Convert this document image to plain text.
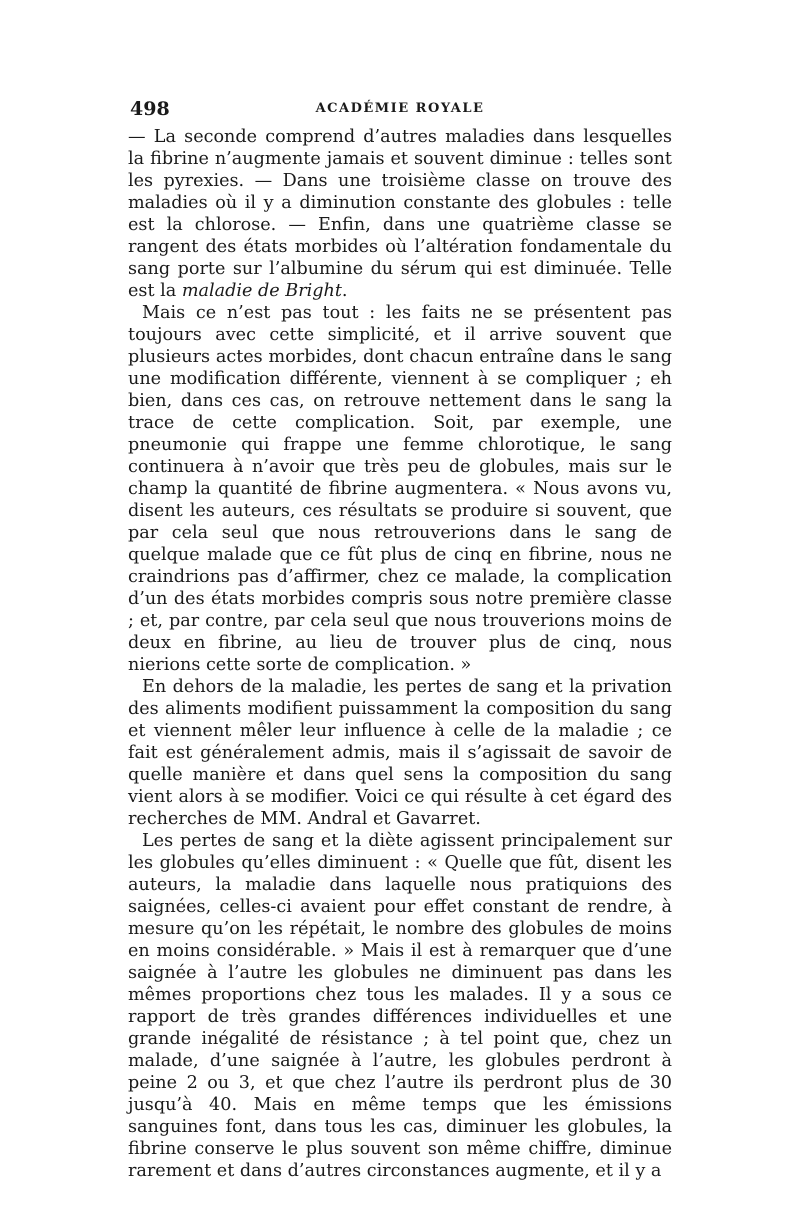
498	ACADÉMIE ROYALE

— La seconde comprend d’autres maladies dans lesquelles la fibrine n’augmente jamais et souvent diminue : telles sont les pyrexies. — Dans une troisième classe on trouve des maladies où il y a diminution constante des globules : telle est la chlorose. — Enfin, dans une quatrième classe se rangent des états morbides où l’altération fondamentale du sang porte sur l’albumine du sérum qui est diminuée. Telle est la maladie de Bright.

Mais ce n’est pas tout : les faits ne se présentent pas toujours avec cette simplicité, et il arrive souvent que plusieurs actes morbides, dont chacun entraîne dans le sang une modification différente, viennent à se compliquer ; eh bien, dans ces cas, on retrouve nettement dans le sang la trace de cette complication. Soit, par exemple, une pneumonie qui frappe une femme chlorotique, le sang continuera à n’avoir que très peu de globules, mais sur le champ la quantité de fibrine augmentera. « Nous avons vu, disent les auteurs, ces résultats se produire si souvent, que par cela seul que nous retrouverions dans le sang de quelque malade que ce fût plus de cinq en fibrine, nous ne craindrions pas d’affirmer, chez ce malade, la complication d’un des états morbides compris sous notre première classe ; et, par contre, par cela seul que nous trouverions moins de deux en fibrine, au lieu de trouver plus de cinq, nous nierions cette sorte de complication. »

En dehors de la maladie, les pertes de sang et la privation des aliments modifient puissamment la composition du sang et viennent mêler leur influence à celle de la maladie ; ce fait est généralement admis, mais il s’agissait de savoir de quelle manière et dans quel sens la composition du sang vient alors à se modifier. Voici ce qui résulte à cet égard des recherches de MM. Andral et Gavarret.

Les pertes de sang et la diète agissent principalement sur les globules qu’elles diminuent : « Quelle que fût, disent les auteurs, la maladie dans laquelle nous pratiquions des saignées, celles-ci avaient pour effet constant de rendre, à mesure qu’on les répétait, le nombre des globules de moins en moins considérable. » Mais il est à remarquer que d’une saignée à l’autre les globules ne diminuent pas dans les mêmes proportions chez tous les malades. Il y a sous ce rapport de très grandes différences individuelles et une grande inégalité de résistance ; à tel point que, chez un malade, d’une saignée à l’autre, les globules perdront à peine 2 ou 3, et que chez l’autre ils perdront plus de 30 jusqu’à 40. Mais en même temps que les émissions sanguines font, dans tous les cas, diminuer les globules, la fibrine conserve le plus souvent son même chiffre, diminue rarement et dans d’autres circonstances augmente, et il y a
